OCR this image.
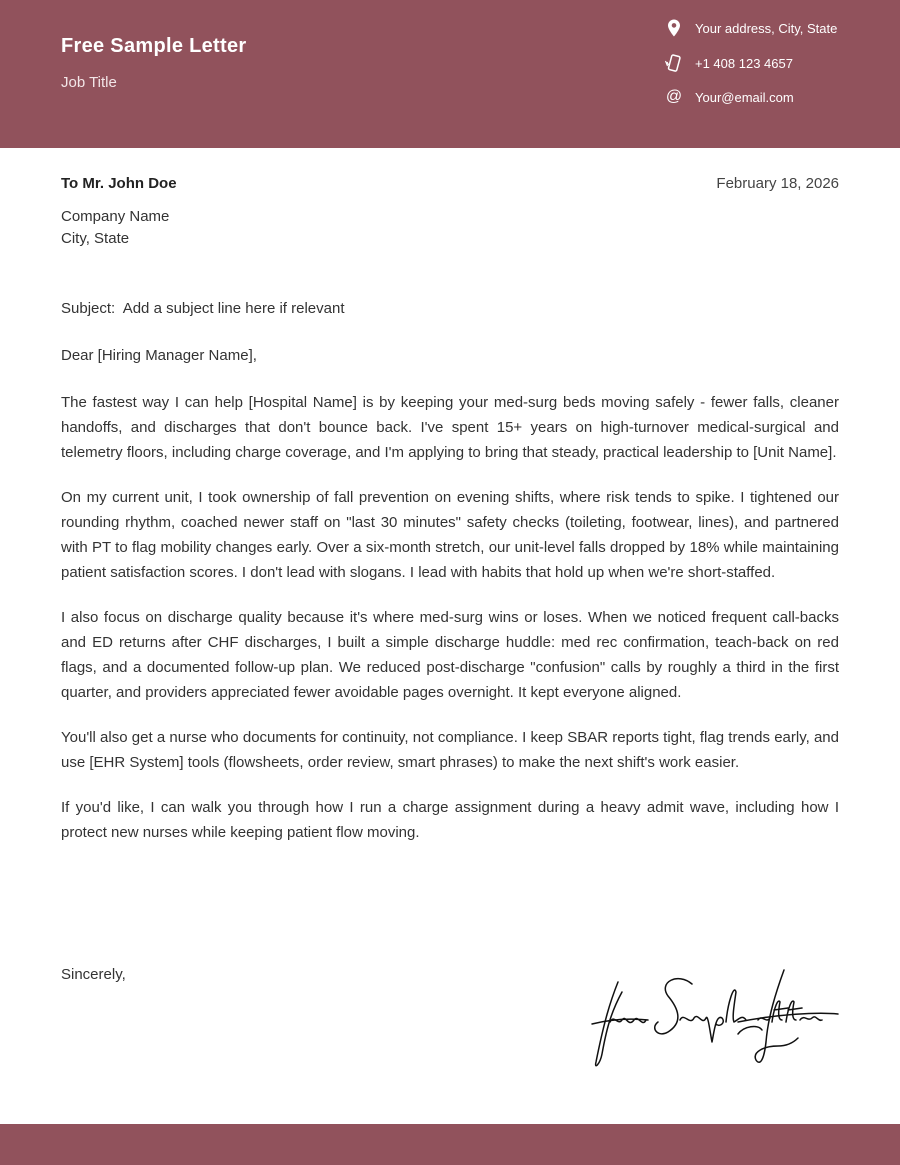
Free Sample Letter
Job Title
Your address, City, State
+1 408 123 4657
@ Your@email.com
To Mr. John Doe	February 18, 2026
Company Name
City, State
Subject:  Add a subject line here if relevant
Dear [Hiring Manager Name],

The fastest way I can help [Hospital Name] is by keeping your med-surg beds moving safely - fewer falls, cleaner handoffs, and discharges that don't bounce back. I've spent 15+ years on high-turnover medical-surgical and telemetry floors, including charge coverage, and I'm applying to bring that steady, practical leadership to [Unit Name].

On my current unit, I took ownership of fall prevention on evening shifts, where risk tends to spike. I tightened our rounding rhythm, coached newer staff on "last 30 minutes" safety checks (toileting, footwear, lines), and partnered with PT to flag mobility changes early. Over a six-month stretch, our unit-level falls dropped by 18% while maintaining patient satisfaction scores. I don't lead with slogans. I lead with habits that hold up when we're short-staffed.

I also focus on discharge quality because it's where med-surg wins or loses. When we noticed frequent call-backs and ED returns after CHF discharges, I built a simple discharge huddle: med rec confirmation, teach-back on red flags, and a documented follow-up plan. We reduced post-discharge "confusion" calls by roughly a third in the first quarter, and providers appreciated fewer avoidable pages overnight. It kept everyone aligned.

You'll also get a nurse who documents for continuity, not compliance. I keep SBAR reports tight, flag trends early, and use [EHR System] tools (flowsheets, order review, smart phrases) to make the next shift's work easier.

If you'd like, I can walk you through how I run a charge assignment during a heavy admit wave, including how I protect new nurses while keeping patient flow moving.

Sincerely,
